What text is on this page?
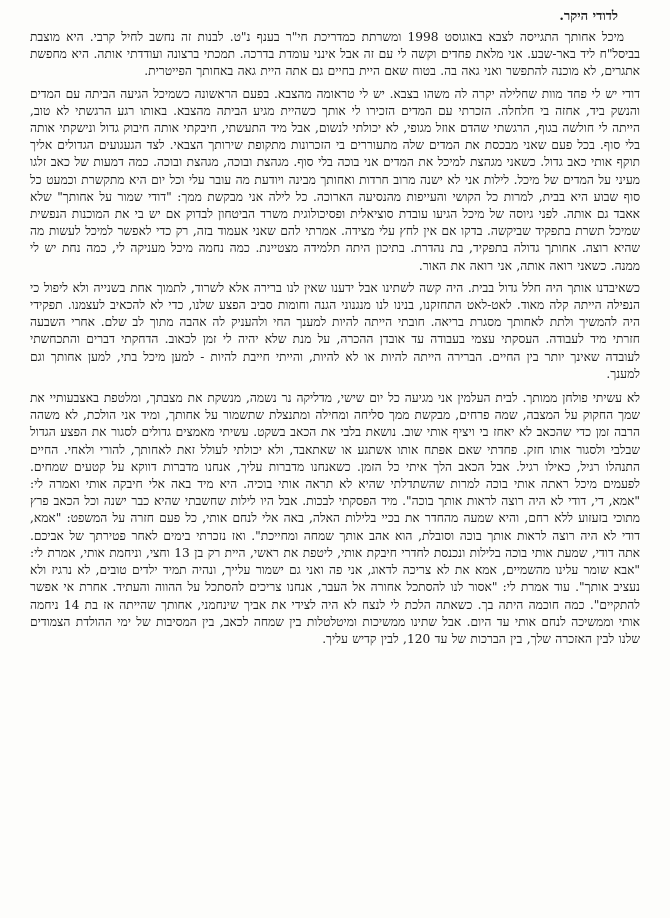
לדודי היקר.

מיכל אחותך התגייסה לצבא באוגוסט 1998 ומשרתת כמדריכת חי"ר בענף נ"ט. לבנות זה נחשב לחיל קרבי. היא מוצבת בביסל"ח ליד באר-שבע. אני מלאת פחדים וקשה לי עם זה אבל אינני עומדת בדרכה. תמכתי ברצונה ועודדתי אותה. היא מחפשת אתגרים, לא מוכנה להתפשר ואני גאה בה. בטוח שאם היית בחיים גם אתה היית גאה באחותך הפייטרית.

דודי יש לי פחד מוות שחלילה יקרה לה משהו בצבא. יש לי טראומה מהצבא. בפעם הראשונה כשמיכל הגיעה הביתה עם המדים והנשק ביד, אחזה בי חלחלה. הזכרתי עם המדים הזכירו לי אותך כשהיית מגיע הביתה מהצבא. באותו רגע הרגשתי לא טוב, הייתה לי חולשה בגוף, הרגשתי שהדם אוזל מגופי, לא יכולתי לנשום, אבל מיד התעשתי, חיבקתי אותה חיבוק גדול ונישקתי אותה בלי סוף. בכל פעם שאני מבכסת את המדים שלה מתעוררים בי הזכרונות מתקופת שירותך הצבאי. לצד הגעגועים הגדולים אליך תוקף אותי כאב גדול. כשאני מגהצת למיכל את המדים אני בוכה בלי סוף. מגהצת ובוכה, מגהצת ובוכה. כמה דמעות של כאב זלגו מעיני על המדים של מיכל. לילות אני לא ישנה מרוב חרדות ואחותך מבינה ויודעת מה עובר עלי וכל יום היא מתקשרת וכמעט כל סוף שבוע היא בבית, למרות כל הקושי והעייפות מהנסיעה הארוכה. כל לילה אני מבקשת ממך: "דודי שמור על אחותך" שלא אאבד גם אותה. לפני גיוסה של מיכל הגיעו עובדת סוציאלית ופסיכולוגית משרד הביטחון לבדוק אם יש בי את המוכנות הנפשית שמיכל תשרת בתפקיד שביקשה. בדקו אם אין לחץ עלי מצידה. אמרתי להם שאני אעמוד בזה, רק כדי לאפשר למיכל לעשות מה שהיא רוצה. אחותך גדולה בתפקיד, בת נהדרת. בתיכון היתה תלמידה מצטיינת. כמה נחמה מיכל מעניקה לי, כמה נחת יש לי ממנה. כשאני רואה אותה, אני רואה את האור.

כשאיבדנו אותך היה חלל גדול בבית. היה קשה לשתינו אבל ידענו שאין לנו ברירה אלא לשרוד, לתמוך אחת בשנייה ולא ליפול כי הנפילה הייתה קלה מאוד. לאט-לאט התחזקנו, בנינו לנו מנגנוני הגנה וחומות סביב הפצע שלנו, כדי לא להכאיב לעצמנו. תפקידי היה להמשיך ולתת לאחותך מסגרת בריאה. חובתי הייתה להיות למענך החי ולהעניק לה אהבה מתוך לב שלם. אחרי השבעה חזרתי מיד לעבודה. העסקתי עצמי בעבודה עד אובדן ההכרה, על מנת שלא יהיה לי זמן לכאוב. הדחקתי דברים והתכחשתי לעובדה שאינך יותר בין החיים. הברירה הייתה להיות או לא להיות, והייתי חייבת להיות - למען מיכל בתי, למען אחותך וגם למענך.

לא עשיתי פולחן ממותך. לבית העלמין אני מגיעה כל יום שישי, מדליקה נר נשמה, מנשקת את מצבתך, ומלטפת באצבעותיי את שמך החקוק על המצבה, שמה פרחים, מבקשת ממך סליחה ומחילה ומתנצלת שתשמור על אחותך, ומיד אני הולכת, לא משהה הרבה זמן כדי שהכאב לא יאחז בי ויציף אותי שוב. נושאת בלבי את הכאב בשקט. עשיתי מאמצים גדולים לסגור את הפצע הגדול שבלבי ולסגור אותו חזק. פחדתי שאם אפתח אותו אשתגע או שאתאבד, ולא יכולתי לעולל זאת לאחותך, להורי ולאחי. החיים התנהלו רגיל, כאילו רגיל. אבל הכאב הלך איתי כל הזמן. כשאנחנו מדברות עליך, אנחנו מדברות דווקא על קטעים שמחים. לפעמים מיכל ראתה אותי בוכה למרות שהשתדלתי שהיא לא תראה אותי בוכיה. היא מיד באה אלי חיבקה אותי ואמרה לי: "אמא, די, דודי לא היה רוצה לראות אותך בוכה". מיד הפסקתי לבכות. אבל היו לילות שחשבתי שהיא כבר ישנה וכל הכאב פרץ מתוכי בזעזוע ללא רחם, והיא שמעה מהחדר את בכיי בלילות האלה, באה אלי לנחם אותי, כל פעם חזרה על המשפט: "אמא, דודי לא היה רוצה לראות אותך בוכה וסובלת, הוא אהב אותך שמחה ומחייכת". ואז נזכרתי בימים לאחר פטירתך של אביכם. אתה דודי, שמעת אותי בוכה בלילות ונכנסת לחדרי חיבקת אותי, ליטפת את ראשי, היית רק בן 13 וחצי, וניחמת אותי, אמרת לי: "אבא שומר עלינו מהשמיים, אמא את לא צריכה לדאוג, אני פה ואני גם ישמור עלייך, ונהיה תמיד ילדים טובים, לא נרגיז ולא נעציב אותך". עוד אמרת לי: "אסור לנו להסתכל אחורה אל העבר, אנחנו צריכים להסתכל על ההווה והעתיד. אחרת אי אפשר להתקיים". כמה חוכמה היתה בך. כשאתה הלכת לי לנצח לא היה לצידי את אביך שינחמני, אחותך שהייתה אז בת 14 ניחמה אותי וממשיכה לנחם אותי עד היום. אבל שתינו ממשיכות ומיטלטלות בין שמחה לכאב, בין המסיבות של ימי ההולדת הצמודים שלנו לבין האזכרה שלך, בין הברכות של עד 120, לבין קדיש עליך.
